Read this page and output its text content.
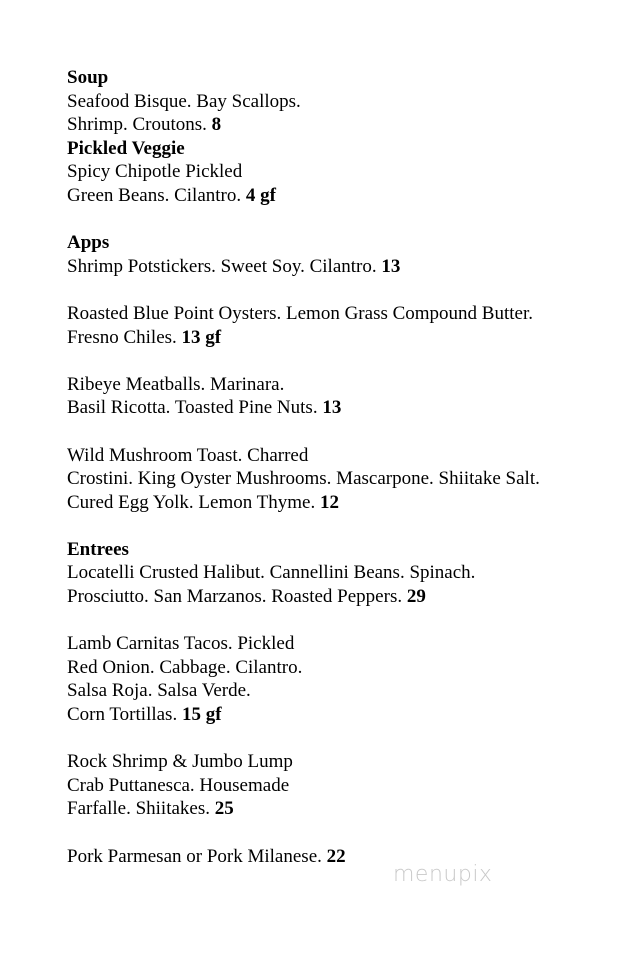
Soup
Seafood Bisque. Bay Scallops.
Shrimp. Croutons. 8
Pickled Veggie
Spicy Chipotle Pickled
Green Beans. Cilantro. 4 gf
Apps
Shrimp Potstickers. Sweet Soy. Cilantro. 13
Roasted Blue Point Oysters. Lemon Grass Compound Butter.
Fresno Chiles. 13 gf
Ribeye Meatballs. Marinara.
Basil Ricotta. Toasted Pine Nuts. 13
Wild Mushroom Toast. Charred
Crostini. King Oyster Mushrooms. Mascarpone. Shiitake Salt.
Cured Egg Yolk. Lemon Thyme. 12
Entrees
Locatelli Crusted Halibut. Cannellini Beans. Spinach.
Prosciutto. San Marzanos. Roasted Peppers. 29
Lamb Carnitas Tacos. Pickled
Red Onion. Cabbage. Cilantro.
Salsa Roja. Salsa Verde.
Corn Tortillas. 15 gf
Rock Shrimp & Jumbo Lump
Crab Puttanesca. Housemade
Farfalle. Shiitakes. 25
Pork Parmesan or Pork Milanese. 22
menupix
